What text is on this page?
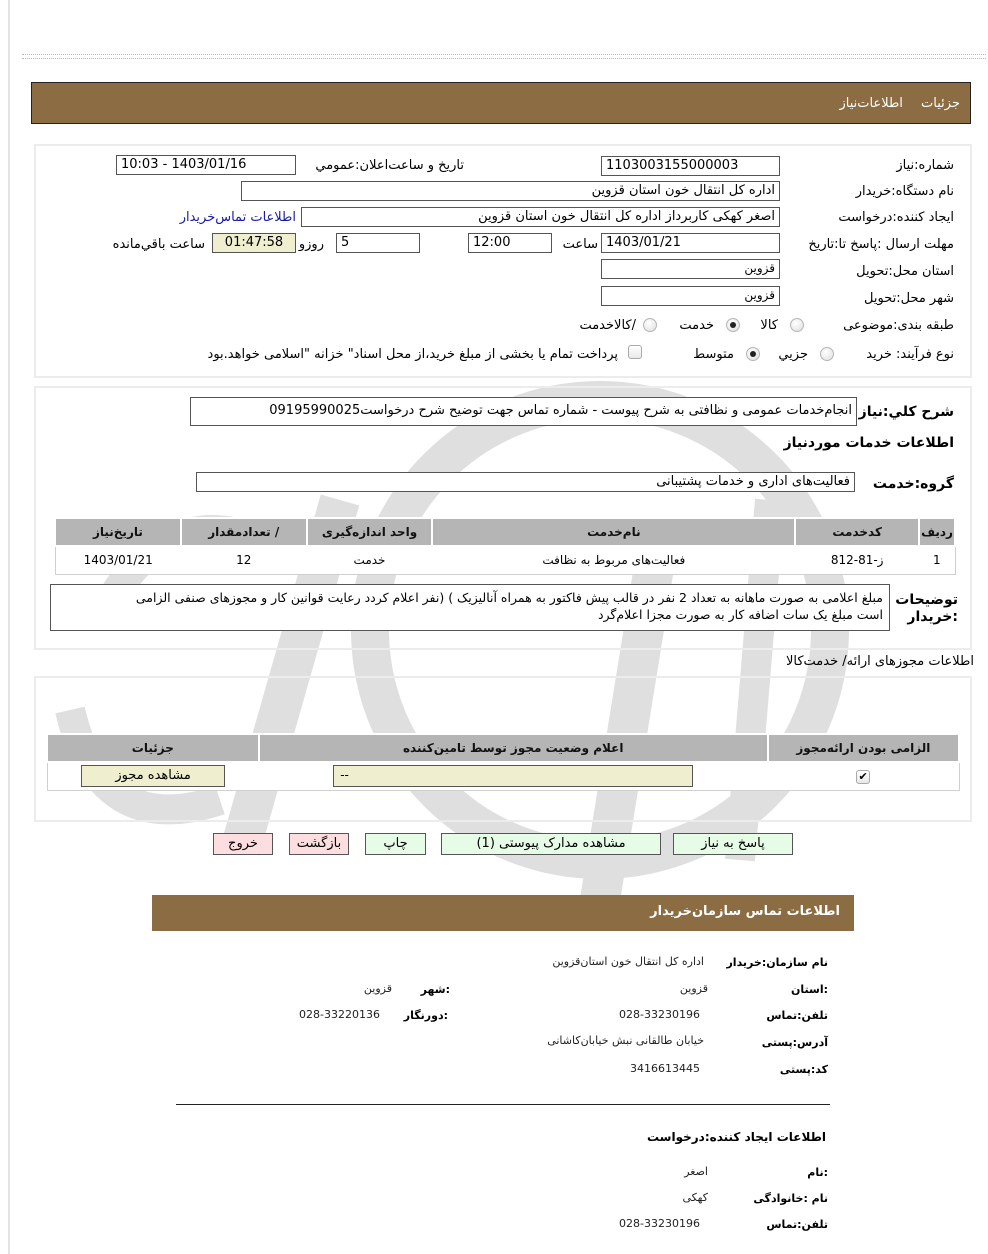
جزئیات اطلاعات‌نیاز
شماره:نیاز
1103003155000003
تاریخ و ساعت‌اعلان:عمومي
1403/01/16 - 10:03
نام دستگاه:خریدار
اداره کل انتقال خون استان قزوین
ایجاد کننده:درخواست
اصغر کهکی کاربرداز اداره کل انتقال خون استان قزوین
اطلاعات تماس‌خریدار
مهلت ارسال :پاسخ تا:تاریخ
1403/01/21
ساعت
12:00
5
روزو
01:47:58
ساعت باقي‌مانده
استان محل:تحویل
قزوین
شهر محل:تحویل
قزوین
طبقه بندی:موضوعی
کالا
خدمت
/کالاخدمت
نوع فرآیند: خرید
جزیي
متوسط
پرداخت تمام یا بخشی از مبلغ خرید،از محل اسناد" خزانه "اسلامی خواهد.بود
شرح کلي:نیاز
انجام‌خدمات عمومی و نظافتی به شرح پیوست - شماره تماس جهت توضیح شرح درخواست09195990025
اطلاعات خدمات موردنیاز
گروه:خدمت
فعالیت‌های اداری و خدمات پشتیبانی
ردیف	کدخدمت	نام‌خدمت	واحد اندازه‌گیری	/ تعدادمقدار	تاریخ‌نیاز
1	ز-81-812	فعالیت‌های مربوط به نظافت	خدمت	12	1403/01/21
توضیحات
:خریدار
مبلغ اعلامی به صورت ماهانه به تعداد 2 نفر در قالب پیش فاکتور به همراه آنالیزیک ) (نفر اعلام کردد رعایت قوانین کار و مجوزهای صنفی الزامی
است مبلغ یک سات اضافه کار به صورت مجزا اعلام‌گرد
اطلاعات مجوزهای ارائه/ خدمت‌کالا
الزامی بودن ارائه‌مجوز	اعلام وضعیت مجوز توسط تامین‌کننده	جزئیات
✔	--	مشاهده مجوز
پاسخ به نیاز
مشاهده مدارک پیوستی (1)
چاپ
بازگشت
خروج
اطلاعات تماس سازمان‌خریدار
نام سازمان:خریدار
اداره کل انتقال خون استان‌قزوین
:استان
قزوین
:شهر
قزوین
تلفن:تماس
028-33230196
:دورنگار
028-33220136
آدرس:پستی
خیابان طالقانی نبش خیابان‌کاشانی
کد:پستی
3416613445
اطلاعات ایجاد کننده:درخواست
:نام
اصغر
نام :خانوادگی
کهکی
تلفن:تماس
028-33230196
